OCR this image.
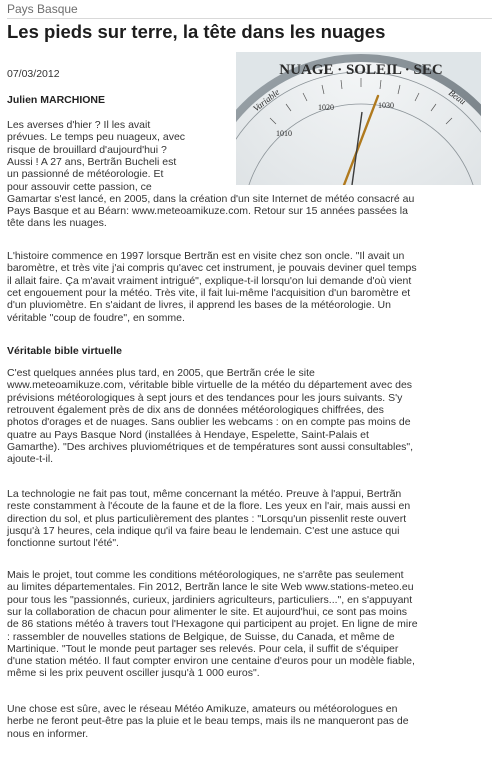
Pays Basque
Les pieds sur terre, la tête dans les nuages
NUAGE · SOLEIL · SEC
1020	1030
1010
Variable	Beau
07/03/2012
Julien MARCHIONE
Les averses d'hier ? Il les avait
prévues. Le temps peu nuageux, avec
risque de brouillard d'aujourd'hui ?
Aussi ! A 27 ans, Bertrãn Bucheli est
un passionné de météorologie. Et
pour assouvir cette passion, ce
Gamartar s'est lancé, en 2005, dans la création d'un site Internet de météo consacré au
Pays Basque et au Béarn: www.meteoamikuze.com. Retour sur 15 années passées la
tête dans les nuages.
L'histoire commence en 1997 lorsque Bertrãn est en visite chez son oncle. "Il avait un
baromètre, et très vite j'ai compris qu'avec cet instrument, je pouvais deviner quel temps
il allait faire. Ça m'avait vraiment intrigué", explique-t-il lorsqu'on lui demande d'où vient
cet engouement pour la météo. Très vite, il fait lui-même l'acquisition d'un baromètre et
d'un pluviomètre. En s'aidant de livres, il apprend les bases de la météorologie. Un
véritable "coup de foudre", en somme.
Véritable bible virtuelle
C'est quelques années plus tard, en 2005, que Bertrãn crée le site
www.meteoamikuze.com, véritable bible virtuelle de la météo du département avec des
prévisions météorologiques à sept jours et des tendances pour les jours suivants. S'y
retrouvent également près de dix ans de données météorologiques chiffrées, des
photos d'orages et de nuages. Sans oublier les webcams : on en compte pas moins de
quatre au Pays Basque Nord (installées à Hendaye, Espelette, Saint-Palais et
Gamarthe). "Des archives pluviométriques et de températures sont aussi consultables",
ajoute-t-il.
La technologie ne fait pas tout, même concernant la météo. Preuve à l'appui, Bertrãn
reste constamment à l'écoute de la faune et de la flore. Les yeux en l'air, mais aussi en
direction du sol, et plus particulièrement des plantes : "Lorsqu'un pissenlit reste ouvert
jusqu'à 17 heures, cela indique qu'il va faire beau le lendemain. C'est une astuce qui
fonctionne surtout l'été".
Mais le projet, tout comme les conditions météorologiques, ne s'arrête pas seulement
au limites départementales. Fin 2012, Bertrãn lance le site Web www.stations-meteo.eu
pour tous les "passionnés, curieux, jardiniers agriculteurs, particuliers...", en s'appuyant
sur la collaboration de chacun pour alimenter le site. Et aujourd'hui, ce sont pas moins
de 86 stations météo à travers tout l'Hexagone qui participent au projet. En ligne de mire
: rassembler de nouvelles stations de Belgique, de Suisse, du Canada, et même de
Martinique. "Tout le monde peut partager ses relevés. Pour cela, il suffit de s'équiper
d'une station météo. Il faut compter environ une centaine d'euros pour un modèle fiable,
même si les prix peuvent osciller jusqu'à 1 000 euros".
Une chose est sûre, avec le réseau Météo Amikuze, amateurs ou météorologues en
herbe ne feront peut-être pas la pluie et le beau temps, mais ils ne manqueront pas de
nous en informer.
